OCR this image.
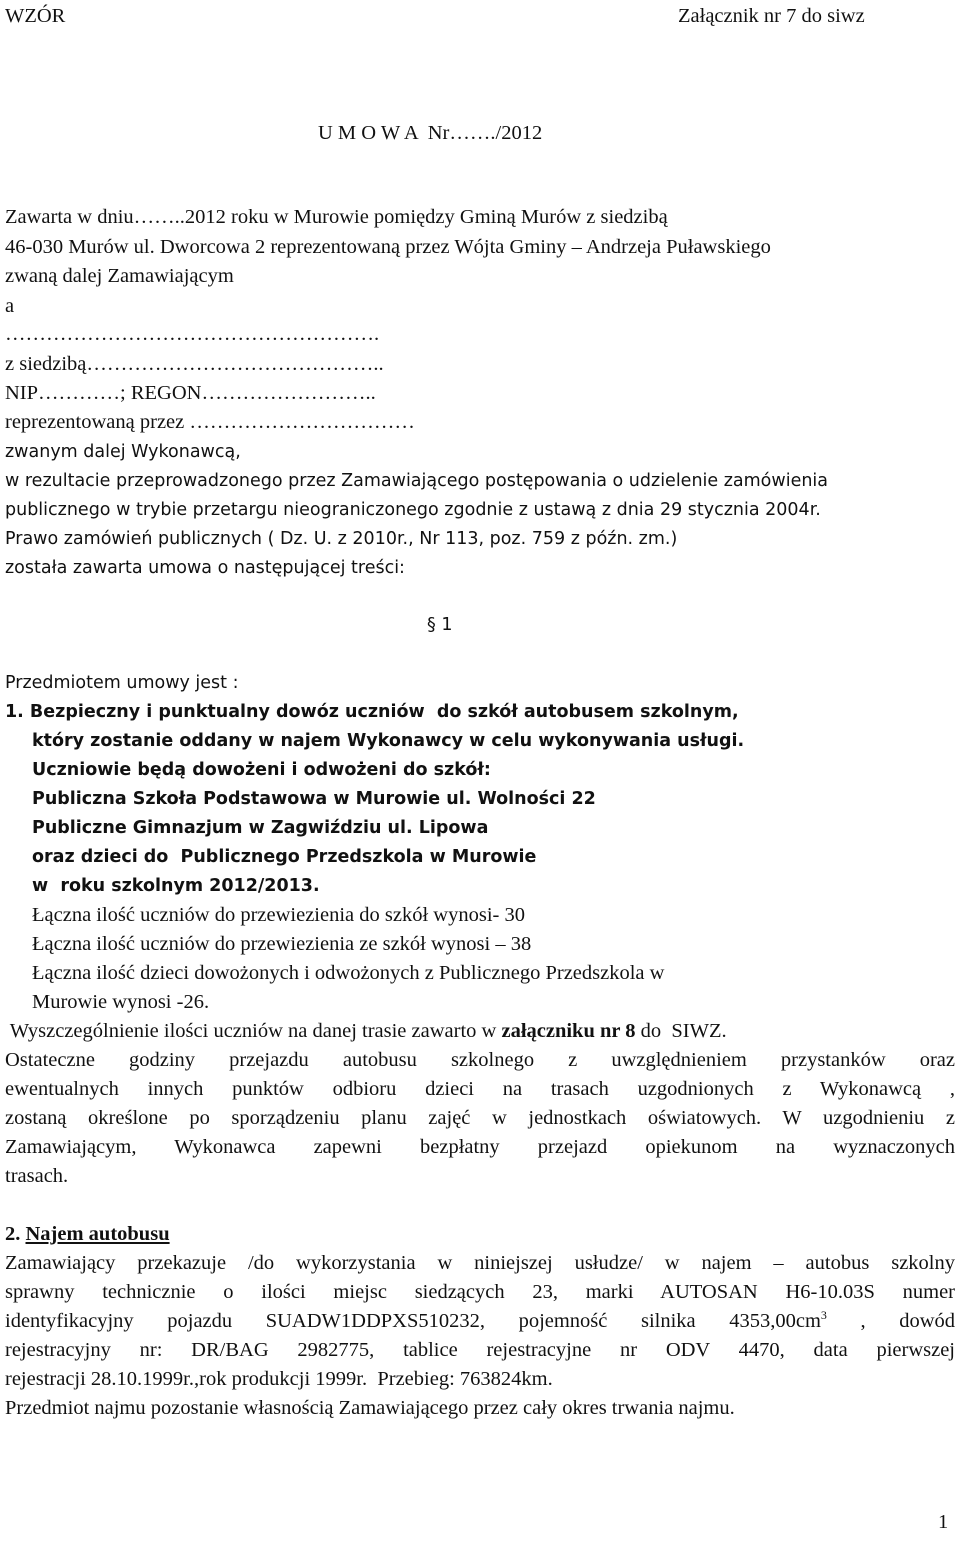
WZÓR	Załącznik nr 7 do siwz
U M O W A  Nr……./2012
Zawarta w dniu……..2012 roku w Murowie pomiędzy Gminą Murów z siedzibą
46-030 Murów ul. Dworcowa 2 reprezentowaną przez Wójta Gminy – Andrzeja Puławskiego
zwaną dalej Zamawiającym
a
……………………………………………….
z siedzibą……………………………………..
NIP…………; REGON……………………..
reprezentowaną przez ……………………………
zwanym dalej Wykonawcą,
w rezultacie przeprowadzonego przez Zamawiającego postępowania o udzielenie zamówienia
publicznego w trybie przetargu nieograniczonego zgodnie z ustawą z dnia 29 stycznia 2004r.
Prawo zamówień publicznych ( Dz. U. z 2010r., Nr 113, poz. 759 z późn. zm.)
została zawarta umowa o następującej treści:
§ 1
Przedmiotem umowy jest :
1. Bezpieczny i punktualny dowóz uczniów  do szkół autobusem szkolnym,
który zostanie oddany w najem Wykonawcy w celu wykonywania usługi.
Uczniowie będą dowożeni i odwożeni do szkół:
Publiczna Szkoła Podstawowa w Murowie ul. Wolności 22
Publiczne Gimnazjum w Zagwiździu ul. Lipowa
oraz dzieci do  Publicznego Przedszkola w Murowie
w  roku szkolnym 2012/2013.
Łączna ilość uczniów do przewiezienia do szkół wynosi- 30
Łączna ilość uczniów do przewiezienia ze szkół wynosi – 38
Łączna ilość dzieci dowożonych i odwożonych z Publicznego Przedszkola w
Murowie wynosi -26.
Wyszczególnienie ilości uczniów na danej trasie zawarto w załączniku nr 8 do  SIWZ.
Ostateczne godziny przejazdu autobusu szkolnego z uwzględnieniem przystanków oraz
ewentualnych innych punktów odbioru dzieci na trasach uzgodnionych z Wykonawcą ,
zostaną określone po sporządzeniu planu zajęć w jednostkach oświatowych. W uzgodnieniu z
Zamawiającym, Wykonawca zapewni bezpłatny przejazd opiekunom na wyznaczonych
trasach.
2. Najem autobusu
Zamawiający przekazuje /do wykorzystania w niniejszej usłudze/ w najem – autobus szkolny
sprawny technicznie o ilości miejsc siedzących 23, marki AUTOSAN H6-10.03S numer
identyfikacyjny pojazdu SUADW1DDPXS510232, pojemność silnika $4353,00cm^3$ , dowód
rejestracyjny nr: DR/BAG 2982775, tablice rejestracyjne nr ODV 4470, data pierwszej
rejestracji 28.10.1999r.,rok produkcji 1999r.  Przebieg: 763824km.
Przedmiot najmu pozostanie własnością Zamawiającego przez cały okres trwania najmu.
1
